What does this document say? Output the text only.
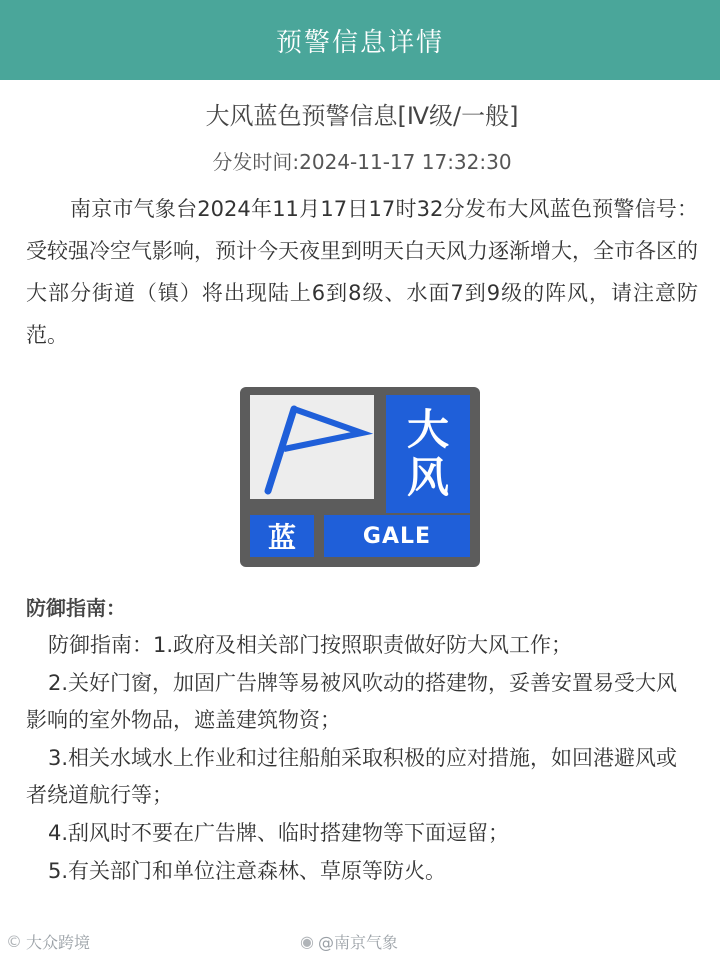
预警信息详情
大风蓝色预警信息[Ⅳ级/一般]
分发时间:2024-11-17 17:32:30
南京市气象台2024年11月17日17时32分发布大风蓝色预警信号：受较强冷空气影响，预计今天夜里到明天白天风力逐渐增大，全市各区的大部分街道（镇）将出现陆上6到8级、水面7到9级的阵风，请注意防范。
大
风
蓝	GALE
防御指南：
防御指南：1.政府及相关部门按照职责做好防大风工作；
2.关好门窗，加固广告牌等易被风吹动的搭建物，妥善安置易受大风影响的室外物品，遮盖建筑物资；
3.相关水域水上作业和过往船舶采取积极的应对措施，如回港避风或者绕道航行等；
4.刮风时不要在广告牌、临时搭建物等下面逗留；
5.有关部门和单位注意森林、草原等防火。
© 大众跨境	◉ @南京气象
